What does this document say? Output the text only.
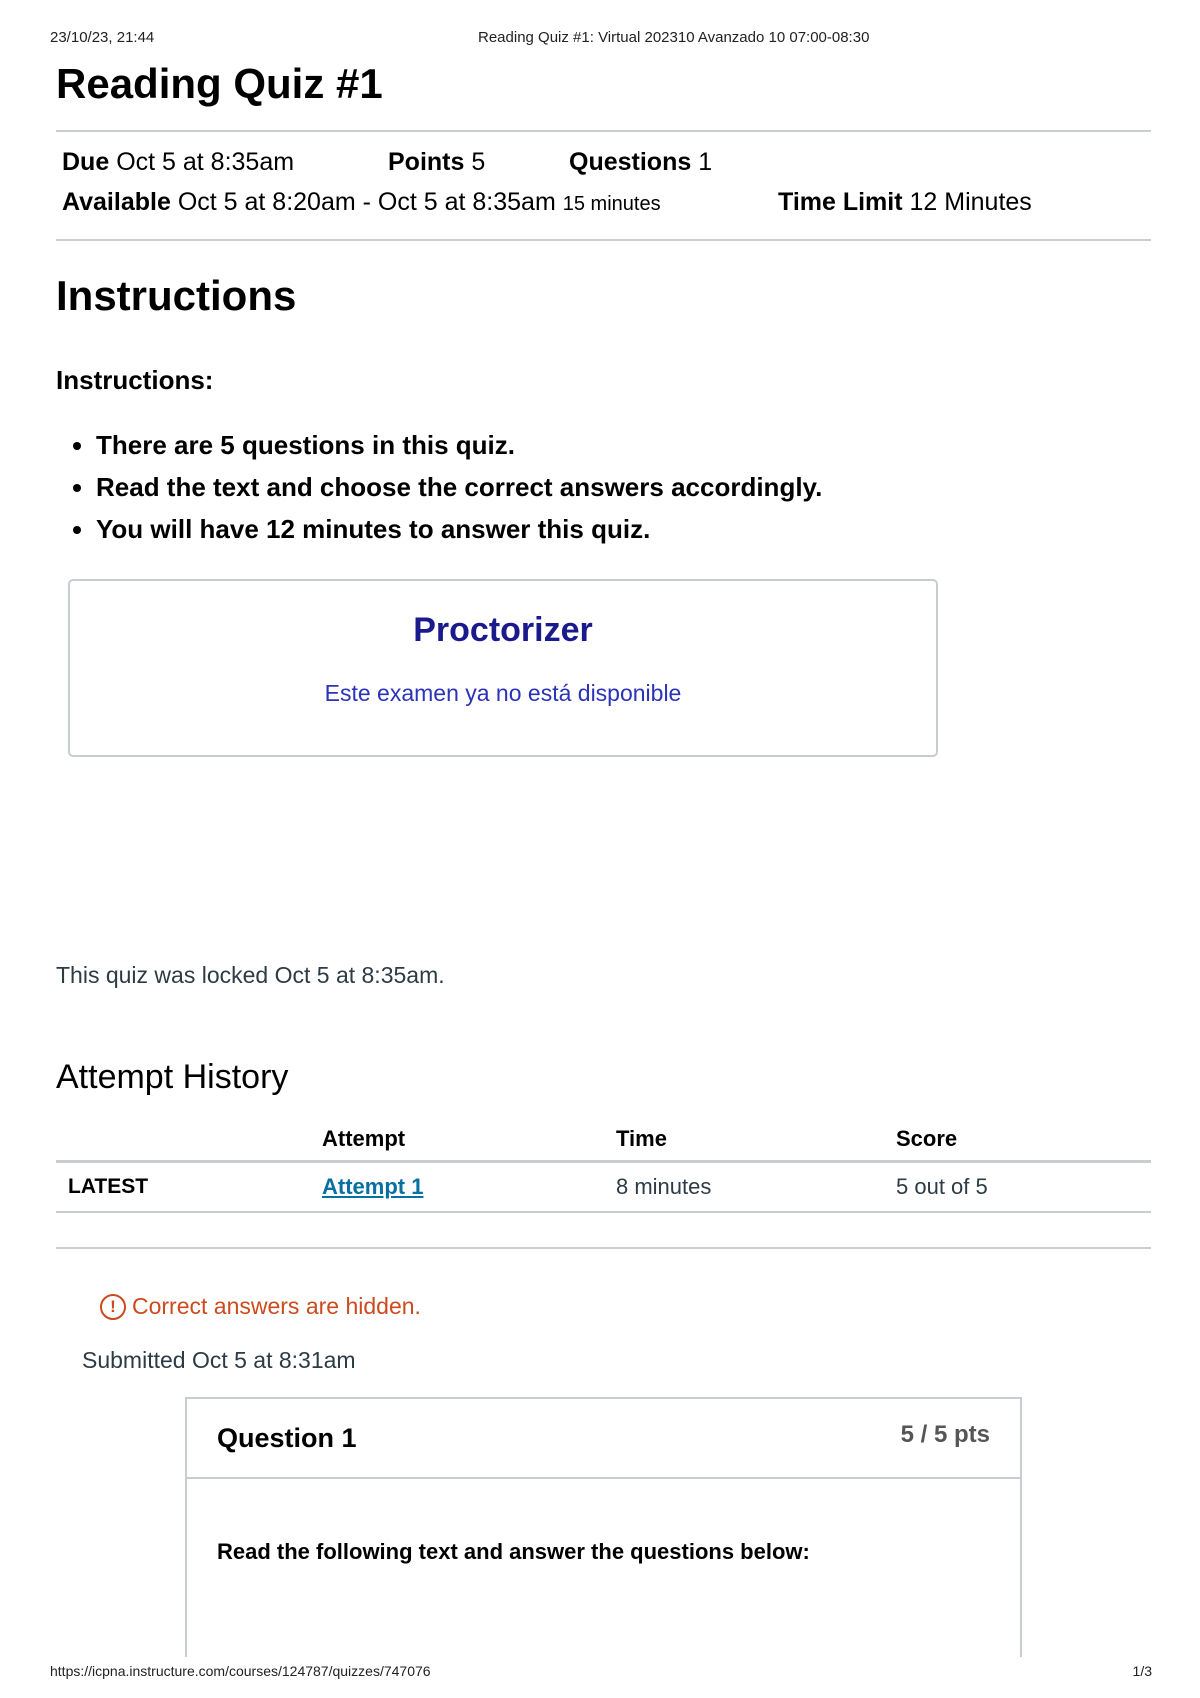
23/10/23, 21:44	Reading Quiz #1: Virtual 202310 Avanzado 10 07:00-08:30
Reading Quiz #1
Due Oct 5 at 8:35am	Points 5	Questions 1
Available Oct 5 at 8:20am - Oct 5 at 8:35am 15 minutes	Time Limit 12 Minutes
Instructions
Instructions:
• There are 5 questions in this quiz.
• Read the text and choose the correct answers accordingly.
• You will have 12 minutes to answer this quiz.
Proctorizer
Este examen ya no está disponible
This quiz was locked Oct 5 at 8:35am.
Attempt History
	Attempt	Time	Score
LATEST	Attempt 1	8 minutes	5 out of 5
! Correct answers are hidden.
Submitted Oct 5 at 8:31am
Question 1	5 / 5 pts
Read the following text and answer the questions below:
https://icpna.instructure.com/courses/124787/quizzes/747076	1/3
